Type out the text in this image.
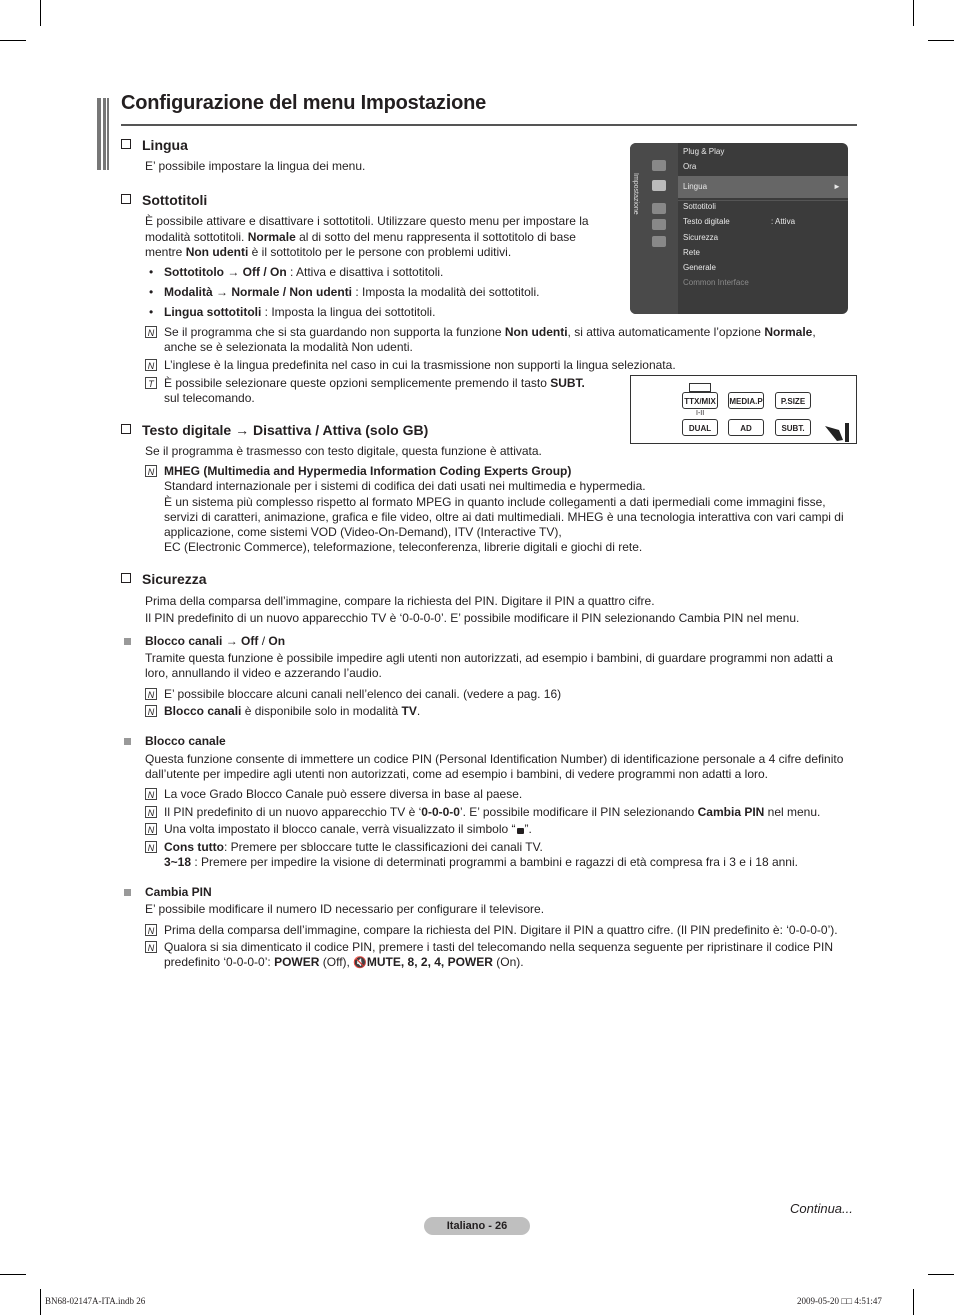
Configurazione del menu Impostazione
Lingua
E’ possibile impostare la lingua dei menu.
Sottotitoli
È possibile attivare e disattivare i sottotitoli. Utilizzare questo menu per impostare la
modalità sottotitoli. Normale al di sotto del menu rappresenta il sottotitolo di base
mentre Non udenti è il sottotitolo per le persone con problemi uditivi.
• Sottotitolo → Off / On : Attiva e disattiva i sottotitoli.
• Modalità → Normale / Non udenti : Imposta la modalità dei sottotitoli.
• Lingua sottotitoli : Imposta la lingua dei sottotitoli.
N Se il programma che si sta guardando non supporta la funzione Non udenti, si attiva automaticamente l’opzione Normale,
anche se è selezionata la modalità Non udenti.
N L’inglese è la lingua predefinita nel caso in cui la trasmissione non supporti la lingua selezionata.
T È possibile selezionare queste opzioni semplicemente premendo il tasto SUBT.
sul telecomando.
Impostazione
Plug & Play
Ora
Lingua	►
Sottotitoli
Testo digitale	: Attiva
Sicurezza
Rete
Generale
Common Interface
TTX/MIX
I-II
MEDIA.P	P.SIZE
DUAL	AD	SUBT.
Testo digitale → Disattiva / Attiva (solo GB)
Se il programma è trasmesso con testo digitale, questa funzione è attivata.
N MHEG (Multimedia and Hypermedia Information Coding Experts Group)
Standard internazionale per i sistemi di codifica dei dati usati nei multimedia e hypermedia.
È un sistema più complesso rispetto al formato MPEG in quanto include collegamenti a dati ipermediali come immagini fisse,
servizi di caratteri, animazione, grafica e file video, oltre ai dati multimediali. MHEG è una tecnologia interattiva con vari campi di
applicazione, come sistemi VOD (Video-On-Demand), ITV (Interactive TV),
EC (Electronic Commerce), teleformazione, teleconferenza, librerie digitali e giochi di rete.
Sicurezza
Prima della comparsa dell’immagine, compare la richiesta del PIN. Digitare il PIN a quattro cifre.
Il PIN predefinito di un nuovo apparecchio TV è ‘0-0-0-0’. E’ possibile modificare il PIN selezionando Cambia PIN nel menu.
Blocco canali → Off / On
Tramite questa funzione è possibile impedire agli utenti non autorizzati, ad esempio i bambini, di guardare programmi non adatti a
loro, annullando il video e azzerando l’audio.
N E’ possibile bloccare alcuni canali nell’elenco dei canali. (vedere a pag. 16)
N Blocco canali è disponibile solo in modalità TV.
Blocco canale
Questa funzione consente di immettere un codice PIN (Personal Identification Number) di identificazione personale a 4 cifre definito
dall’utente per impedire agli utenti non autorizzati, come ad esempio i bambini, di vedere programmi non adatti a loro.
N La voce Grado Blocco Canale può essere diversa in base al paese.
N Il PIN predefinito di un nuovo apparecchio TV è ‘0-0-0-0’. E’ possibile modificare il PIN selezionando Cambia PIN nel menu.
N Una volta impostato il blocco canale, verrà visualizzato il simbolo “ ”.
N Cons tutto: Premere per sbloccare tutte le classificazioni dei canali TV.
3~18 : Premere per impedire la visione di determinati programmi a bambini e ragazzi di età compresa fra i 3 e i 18 anni.
Cambia PIN
E’ possibile modificare il numero ID necessario per configurare il televisore.
N Prima della comparsa dell’immagine, compare la richiesta del PIN. Digitare il PIN a quattro cifre. (Il PIN predefinito è: ‘0-0-0-0’).
N Qualora si sia dimenticato il codice PIN, premere i tasti del telecomando nella sequenza seguente per ripristinare il codice PIN
predefinito ‘0-0-0-0’: POWER (Off), 🔇MUTE, 8, 2, 4, POWER (On).
Continua...
Italiano - 26
BN68-02147A-ITA.indb 26	2009-05-20 □□ 4:51:47
